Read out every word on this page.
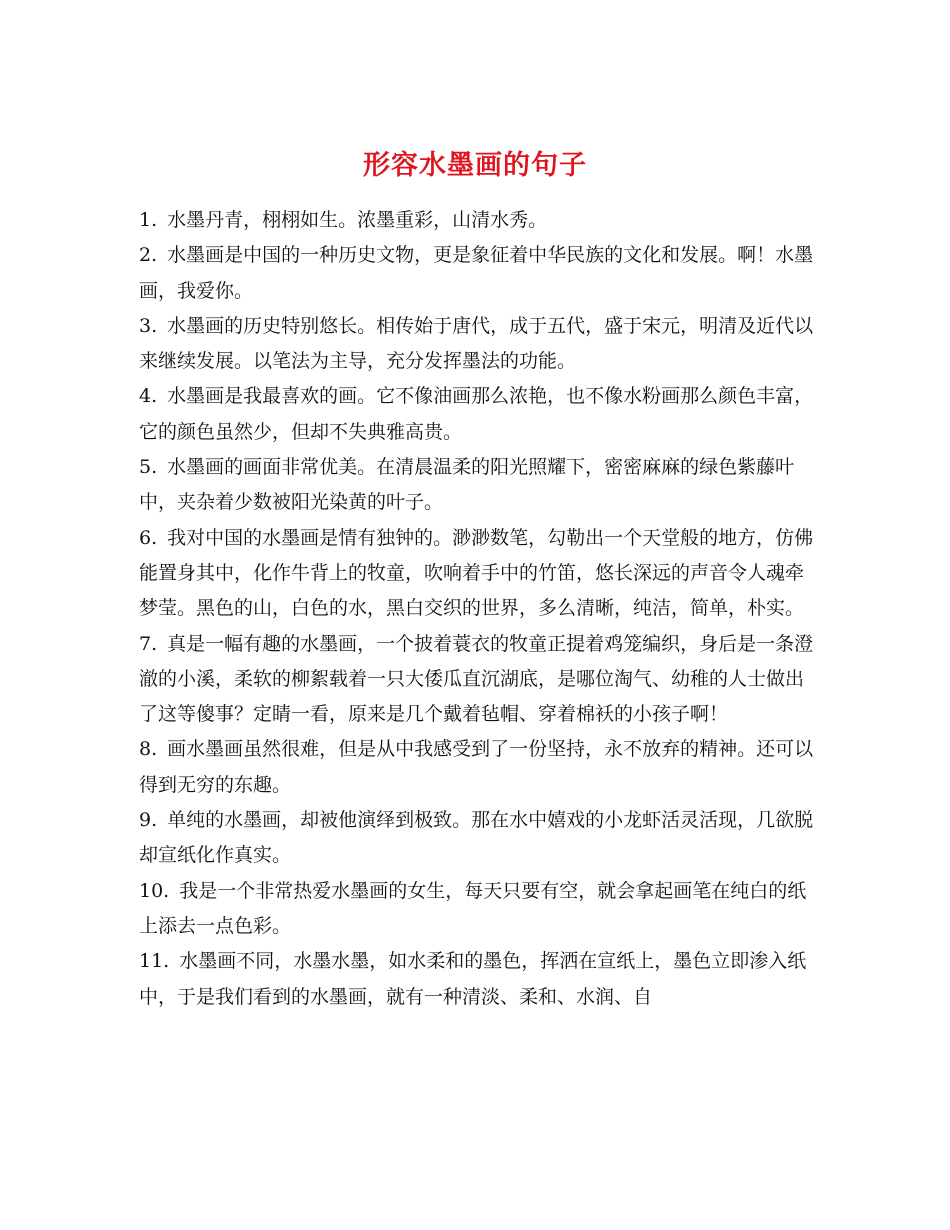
形容水墨画的句子
1. 水墨丹青，栩栩如生。浓墨重彩，山清水秀。
2. 水墨画是中国的一种历史文物，更是象征着中华民族的文化和发展。啊！水墨画，我爱你。
3. 水墨画的历史特别悠长。相传始于唐代，成于五代，盛于宋元，明清及近代以来继续发展。以笔法为主导，充分发挥墨法的功能。
4. 水墨画是我最喜欢的画。它不像油画那么浓艳，也不像水粉画那么颜色丰富，它的颜色虽然少，但却不失典雅高贵。
5. 水墨画的画面非常优美。在清晨温柔的阳光照耀下，密密麻麻的绿色紫藤叶中，夹杂着少数被阳光染黄的叶子。
6. 我对中国的水墨画是情有独钟的。渺渺数笔，勾勒出一个天堂般的地方，仿佛能置身其中，化作牛背上的牧童，吹响着手中的竹笛，悠长深远的声音令人魂牵梦莹。黑色的山，白色的水，黑白交织的世界，多么清晰，纯洁，简单，朴实。
7. 真是一幅有趣的水墨画，一个披着蓑衣的牧童正提着鸡笼编织，身后是一条澄澈的小溪，柔软的柳絮载着一只大倭瓜直沉湖底，是哪位淘气、幼稚的人士做出了这等傻事？定睛一看，原来是几个戴着毡帽、穿着棉袄的小孩子啊！
8. 画水墨画虽然很难，但是从中我感受到了一份坚持，永不放弃的精神。还可以得到无穷的东趣。
9. 单纯的水墨画，却被他演绎到极致。那在水中嬉戏的小龙虾活灵活现，几欲脱却宣纸化作真实。
10. 我是一个非常热爱水墨画的女生，每天只要有空，就会拿起画笔在纯白的纸上添去一点色彩。
11. 水墨画不同，水墨水墨，如水柔和的墨色，挥洒在宣纸上，墨色立即渗入纸中，于是我们看到的水墨画，就有一种清淡、柔和、水润、自
